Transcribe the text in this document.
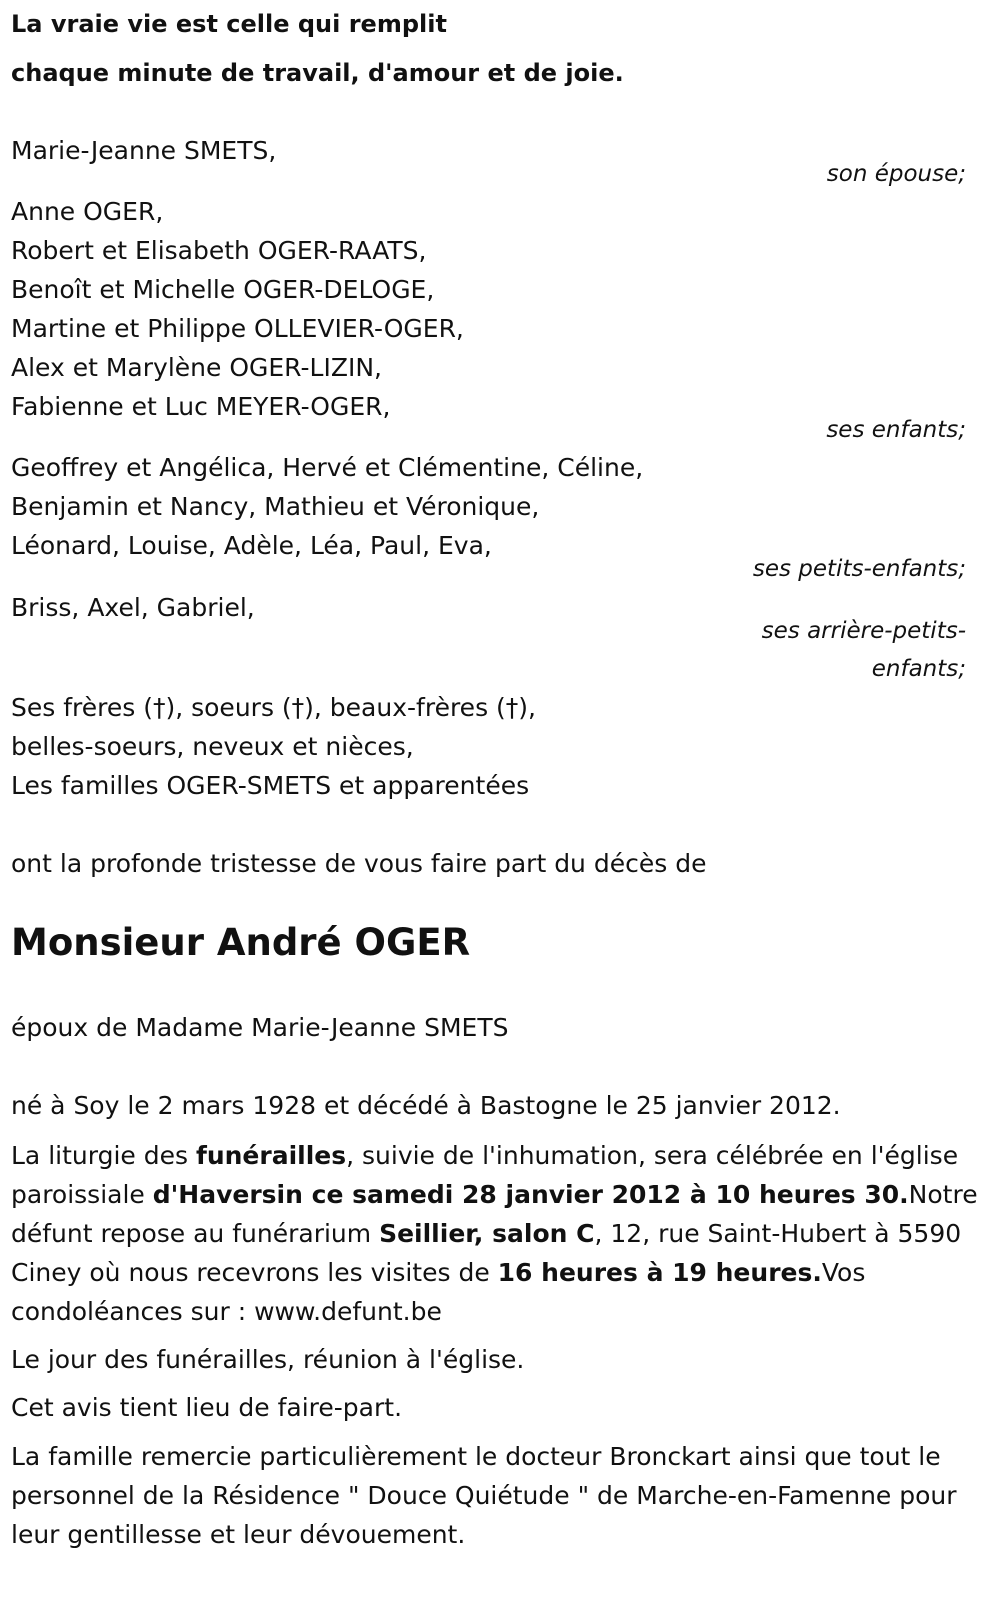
La vraie vie est celle qui remplit
chaque minute de travail, d'amour et de joie.
Marie-Jeanne SMETS,
son épouse;
Anne OGER,
Robert et Elisabeth OGER-RAATS,
Benoît et Michelle OGER-DELOGE,
Martine et Philippe OLLEVIER-OGER,
Alex et Marylène OGER-LIZIN,
Fabienne et Luc MEYER-OGER,
ses enfants;
Geoffrey et Angélica, Hervé et Clémentine, Céline,
Benjamin et Nancy, Mathieu et Véronique,
Léonard, Louise, Adèle, Léa, Paul, Eva,
ses petits-enfants;
Briss, Axel, Gabriel,
ses arrière-petits-
enfants;
Ses frères (†), soeurs (†), beaux-frères (†),
belles-soeurs, neveux et nièces,
Les familles OGER-SMETS et apparentées
ont la profonde tristesse de vous faire part du décès de
Monsieur André OGER
époux de Madame Marie-Jeanne SMETS
né à Soy le 2 mars 1928 et décédé à Bastogne le 25 janvier 2012.
La liturgie des funérailles, suivie de l'inhumation, sera célébrée en l'église paroissiale d'Haversin ce samedi 28 janvier 2012 à 10 heures 30.Notre défunt repose au funérarium Seillier, salon C, 12, rue Saint-Hubert à 5590 Ciney où nous recevrons les visites de 16 heures à 19 heures.Vos condoléances sur : www.defunt.be
Le jour des funérailles, réunion à l'église.
Cet avis tient lieu de faire-part.
La famille remercie particulièrement le docteur Bronckart ainsi que tout le personnel de la Résidence " Douce Quiétude " de Marche-en-Famenne pour leur gentillesse et leur dévouement.
